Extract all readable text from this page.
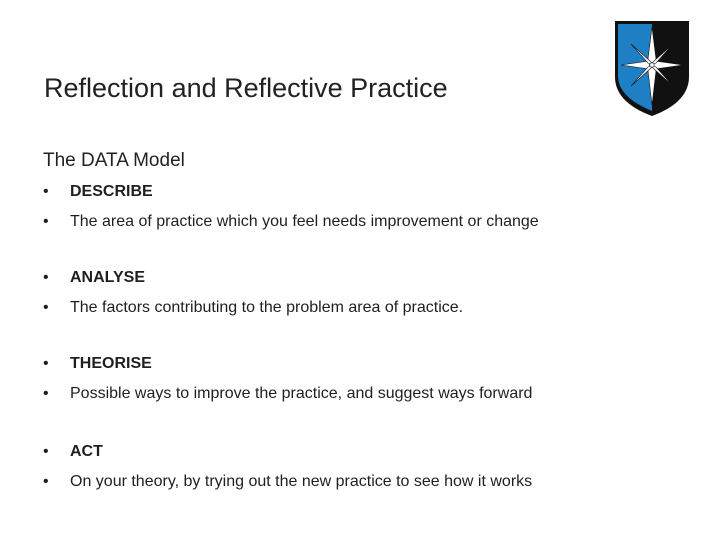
Reflection and Reflective Practice
The DATA Model
•	DESCRIBE
•	The area of practice which you feel needs improvement or change
•	ANALYSE
•	The factors contributing to the problem area of practice.
•	THEORISE
•	Possible ways to improve the practice, and suggest ways forward
•	ACT
•	On your theory, by trying out the new practice to see how it works
